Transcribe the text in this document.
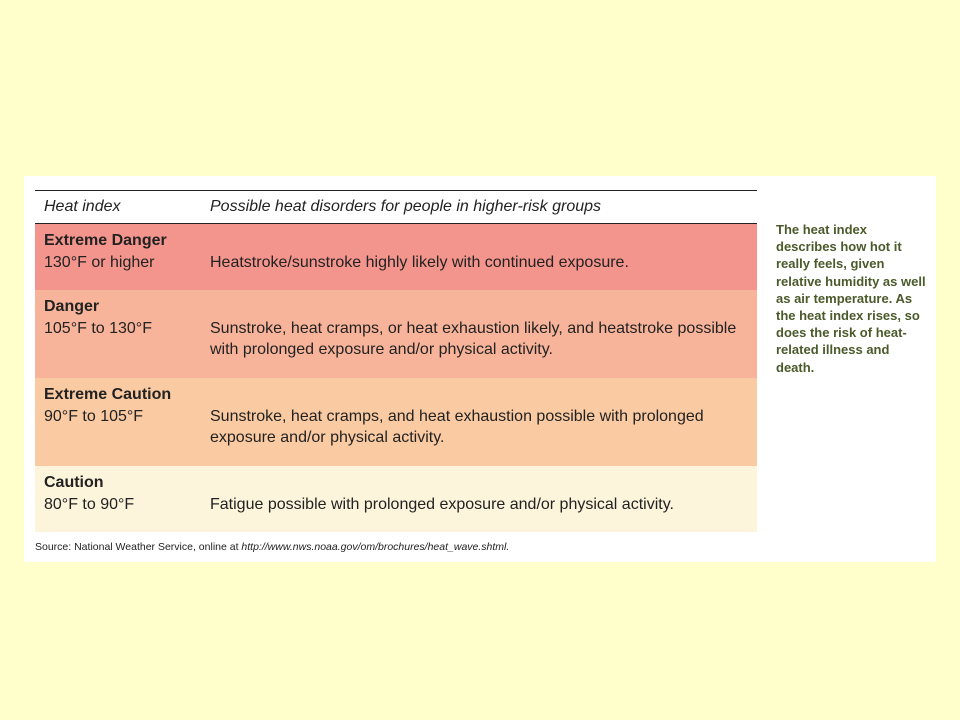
Heat index	Possible heat disorders for people in higher-risk groups
Extreme Danger
130°F or higher	Heatstroke/sunstroke highly likely with continued exposure.
Danger
105°F to 130°F	Sunstroke, heat cramps, or heat exhaustion likely, and heatstroke possible with prolonged exposure and/or physical activity.
Extreme Caution
90°F to 105°F	Sunstroke, heat cramps, and heat exhaustion possible with prolonged exposure and/or physical activity.
Caution
80°F to 90°F	Fatigue possible with prolonged exposure and/or physical activity.
Source: National Weather Service, online at http://www.nws.noaa.gov/om/brochures/heat_wave.shtml.
The heat index describes how hot it really feels, given relative humidity as well as air temperature. As the heat index rises, so does the risk of heat-related illness and death.
